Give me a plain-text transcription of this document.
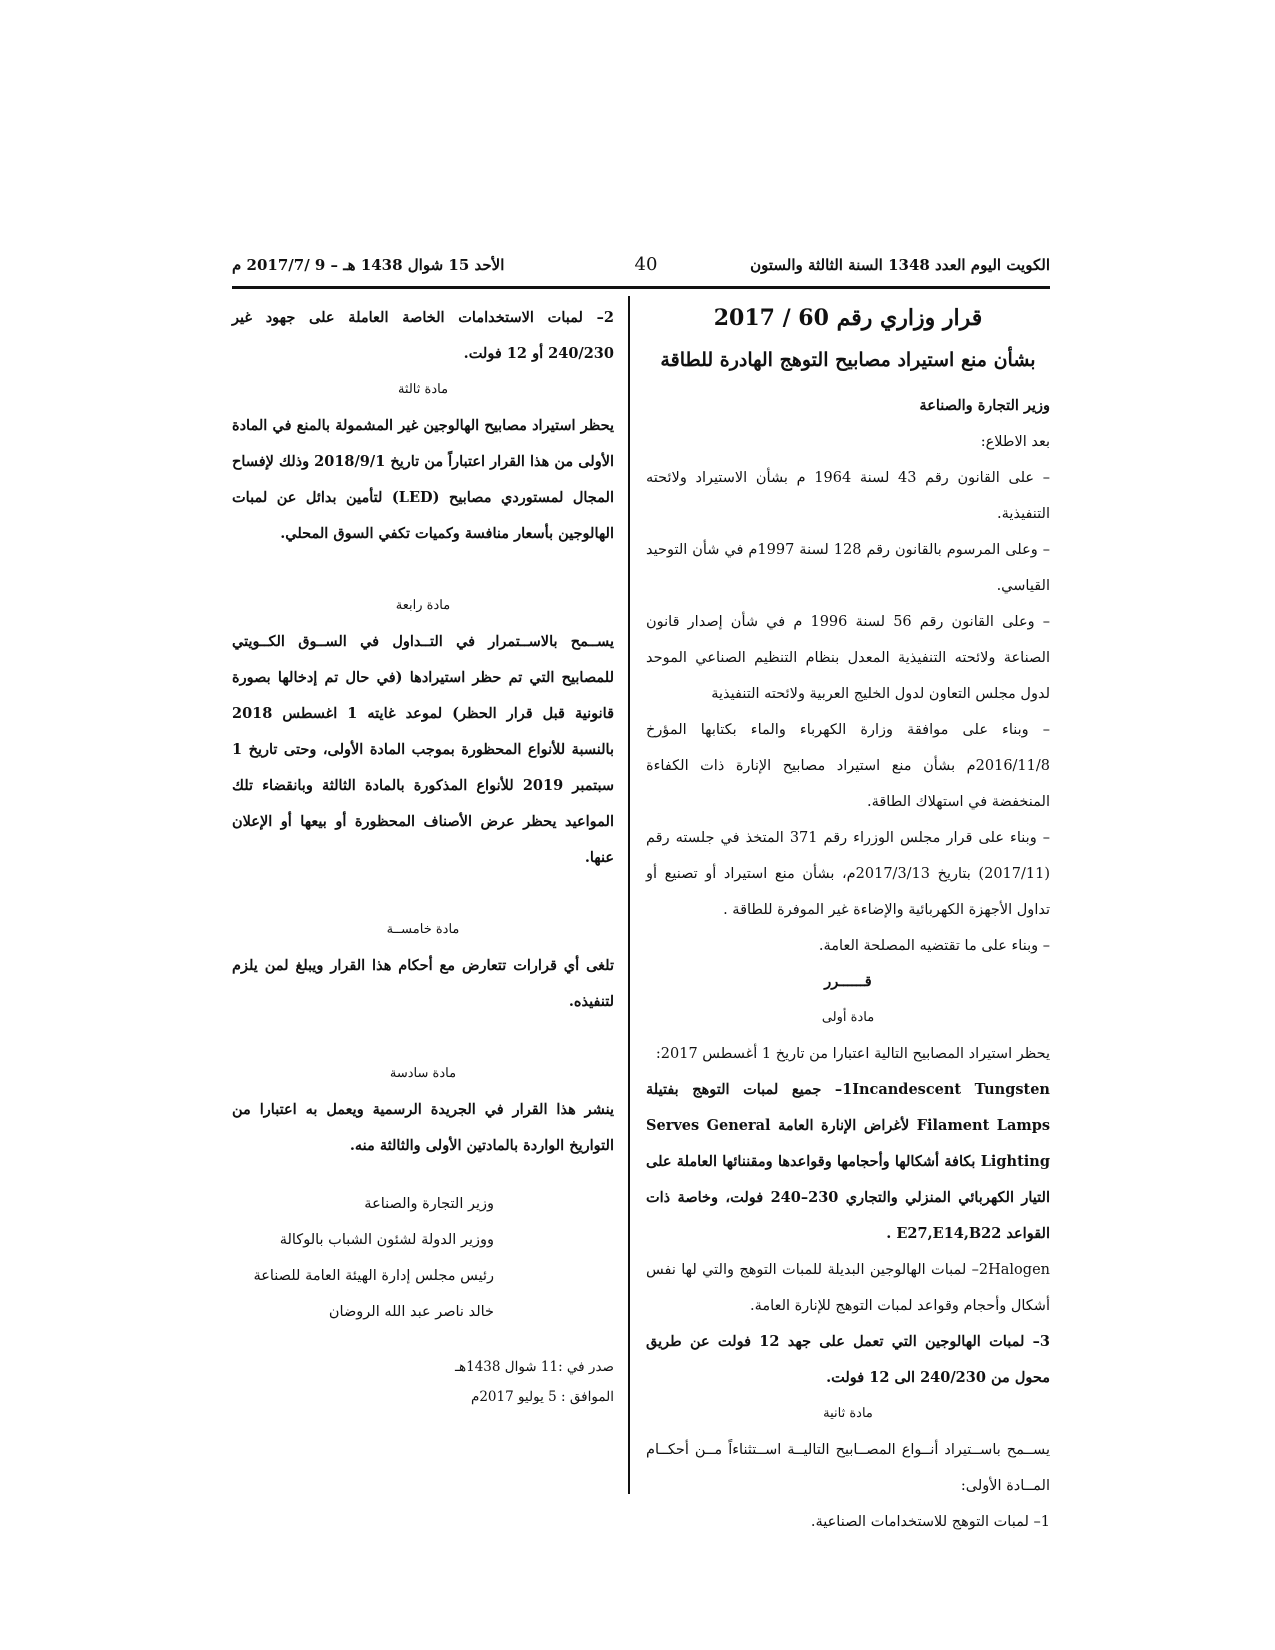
الكويت اليوم العدد 1348 السنة الثالثة والستون
40
الأحد 15 شوال 1438 هـ – 9 /2017/7 م

قرار وزاري رقم 60 / 2017

بشأن منع استيراد مصابيح التوهج الهادرة للطاقة

وزير التجارة والصناعة

بعد الاطلاع:

– على القانون رقم 43 لسنة 1964 م بشأن الاستيراد ولائحته التنفيذية.

– وعلى المرسوم بالقانون رقم 128 لسنة 1997م في شأن التوحيد القياسي.

– وعلى القانون رقم 56 لسنة 1996 م في شأن إصدار قانون الصناعة ولائحته التنفيذية المعدل بنظام التنظيم الصناعي الموحد لدول مجلس التعاون لدول الخليج العربية ولائحته التنفيذية

– وبناء على موافقة وزارة الكهرباء والماء بكتابها المؤرخ 2016/11/8م بشأن منع استيراد مصابيح الإنارة ذات الكفاءة المنخفضة في استهلاك الطاقة.

– وبناء على قرار مجلس الوزراء رقم 371 المتخذ في جلسته رقم (2017/11) بتاريخ 2017/3/13م، بشأن منع استيراد أو تصنيع أو تداول الأجهزة الكهربائية والإضاءة غير الموفرة للطاقة .

– وبناء على ما تقتضيه المصلحة العامة.

قــــــرر

مادة أولى

يحظر استيراد المصابيح التالية اعتبارا من تاريخ 1 أغسطس 2017:

1Incandescent Tungsten– جميع لمبات التوهج بفتيلة Filament Lamps لأغراض الإنارة العامة Serves General Lighting بكافة أشكالها وأحجامها وقواعدها ومقننائها العاملة على التيار الكهربائي المنزلي والتجاري 230–240 فولت، وخاصة ذات القواعد E27,E14,B22 .

2Halogen– لمبات الهالوجين البديلة للمبات التوهج والتي لها نفس أشكال وأحجام وقواعد لمبات التوهج للإنارة العامة.

3– لمبات الهالوجين التي تعمل على جهد 12 فولت عن طريق محول من 240/230 الى 12 فولت.

مادة ثانية

يســمح باســتيراد أنــواع المصــابيح التاليــة اســتثناءاً مــن أحكــام المــادة الأولى:

1– لمبات التوهج للاستخدامات الصناعية.

2– لمبات الاستخدامات الخاصة العاملة على جهود غير 240/230 أو 12 فولت.

مادة ثالثة

يحظر استيراد مصابيح الهالوجين غير المشمولة بالمنع في المادة الأولى من هذا القرار اعتباراً من تاريخ 2018/9/1 وذلك لإفساح المجال لمستوردي مصابيح (LED) لتأمين بدائل عن لمبات الهالوجين بأسعار منافسة وكميات تكفي السوق المحلي.

مادة رابعة

يســمح بالاســتمرار في التــداول في الســوق الكــويتي للمصابيح التي تم حظر استيرادها (في حال تم إدخالها بصورة قانونية قبل قرار الحظر) لموعد غايته 1 اغسطس 2018 بالنسبة للأنواع المحظورة بموجب المادة الأولى، وحتى تاريخ 1 سبتمبر 2019 للأنواع المذكورة بالمادة الثالثة وبانقضاء تلك المواعيد يحظر عرض الأصناف المحظورة أو بيعها أو الإعلان عنها.

مادة خامســة

تلغى أي قرارات تتعارض مع أحكام هذا القرار ويبلغ لمن يلزم لتنفيذه.

مادة سادسة

ينشر هذا القرار في الجريدة الرسمية ويعمل به اعتبارا من التواريخ الواردة بالمادتين الأولى والثالثة منه.

وزير التجارة والصناعة

ووزير الدولة لشئون الشباب بالوكالة

رئيس مجلس إدارة الهيئة العامة للصناعة

خالد ناصر عبد الله الروضان

صدر في :11 شوال 1438هـ

الموافق : 5 يوليو 2017م
